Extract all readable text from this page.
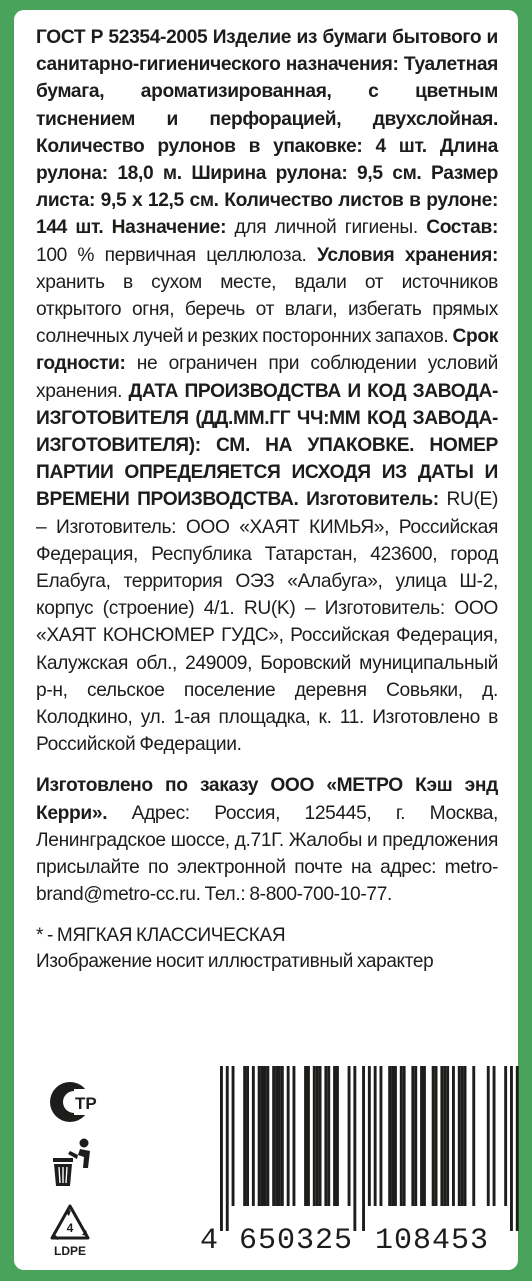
ГОСТ Р 52354-2005 Изделие из бумаги бытового и санитарно-гигиенического назначения: Туалетная бумага, ароматизированная, с цветным тиснением и перфорацией, двухслойная. Количество рулонов в упаковке: 4 шт. Длина рулона: 18,0 м. Ширина рулона: 9,5 см. Размер листа: 9,5 х 12,5 см. Количество листов в рулоне: 144 шт. Назначение: для личной гигиены. Состав: 100 % первичная целлюлоза. Условия хранения: хранить в сухом месте, вдали от источников открытого огня, беречь от влаги, избегать прямых солнечных лучей и резких посторонних запахов. Срок годности: не ограничен при соблюдении условий хранения. ДАТА ПРОИЗВОДСТВА И КОД ЗАВОДА-ИЗГОТОВИТЕЛЯ (ДД.ММ.ГГ ЧЧ:ММ КОД ЗАВОДА-ИЗГОТОВИТЕЛЯ): СМ. НА УПАКОВКЕ. НОМЕР ПАРТИИ ОПРЕДЕЛЯЕТСЯ ИСХОДЯ ИЗ ДАТЫ И ВРЕМЕНИ ПРОИЗВОДСТВА. Изготовитель: RU(E) – Изготовитель: ООО «ХАЯТ КИМЬЯ», Российская Федерация, Республика Татарстан, 423600, город Елабуга, территория ОЭЗ «Алабуга», улица Ш-2, корпус (строение) 4/1. RU(K) – Изготовитель: ООО «ХАЯТ КОНСЮМЕР ГУДС», Российская Федерация, Калужская обл., 249009, Боровский муниципальный р-н, сельское поселение деревня Совьяки, д. Колодкино, ул. 1-ая площадка, к. 11. Изготовлено в Российской Федерации.

Изготовлено по заказу ООО «МЕТРО Кэш энд Керри». Адрес: Россия, 125445, г. Москва, Ленинградское шоссе, д.71Г. Жалобы и предложения присылайте по электронной почте на адрес: metro-brand@metro-cc.ru. Тел.: 8-800-700-10-77.

* - МЯГКАЯ КЛАССИЧЕСКАЯ

Изображение носит иллюстративный характер

ТР
4
LDPE	4 650325 108453
